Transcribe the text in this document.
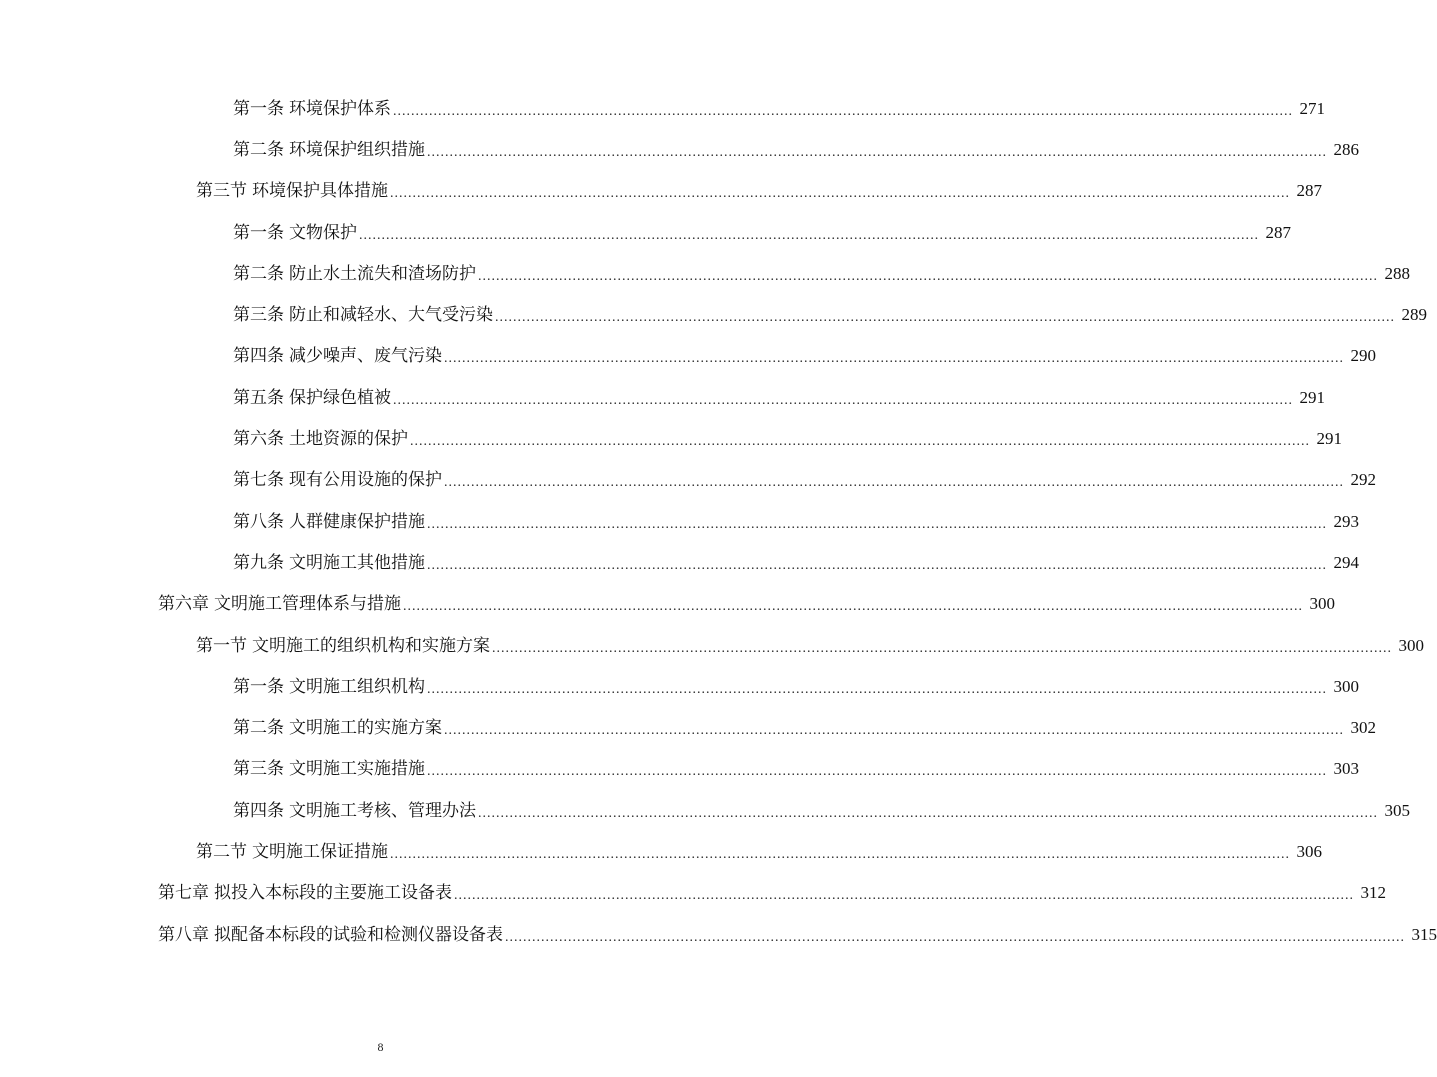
第一条 环境保护体系 ........................................................................................................................................................................................................ 271
第二条 环境保护组织措施 ........................................................................................................................................................................................................ 286
第三节 环境保护具体措施 ........................................................................................................................................................................................................ 287
第一条 文物保护 ........................................................................................................................................................................................................ 287
第二条 防止水土流失和渣场防护 ........................................................................................................................................................................................................ 288
第三条 防止和减轻水、大气受污染 ........................................................................................................................................................................................................ 289
第四条 减少噪声、废气污染 ........................................................................................................................................................................................................ 290
第五条 保护绿色植被 ........................................................................................................................................................................................................ 291
第六条 土地资源的保护 ........................................................................................................................................................................................................ 291
第七条 现有公用设施的保护 ........................................................................................................................................................................................................ 292
第八条 人群健康保护措施 ........................................................................................................................................................................................................ 293
第九条 文明施工其他措施 ........................................................................................................................................................................................................ 294
第六章 文明施工管理体系与措施 ........................................................................................................................................................................................................ 300
第一节 文明施工的组织机构和实施方案 ........................................................................................................................................................................................................ 300
第一条 文明施工组织机构 ........................................................................................................................................................................................................ 300
第二条 文明施工的实施方案 ........................................................................................................................................................................................................ 302
第三条 文明施工实施措施 ........................................................................................................................................................................................................ 303
第四条 文明施工考核、管理办法 ........................................................................................................................................................................................................ 305
第二节 文明施工保证措施 ........................................................................................................................................................................................................ 306
第七章 拟投入本标段的主要施工设备表 ........................................................................................................................................................................................................ 312
第八章 拟配备本标段的试验和检测仪器设备表 ........................................................................................................................................................................................................ 315
8
